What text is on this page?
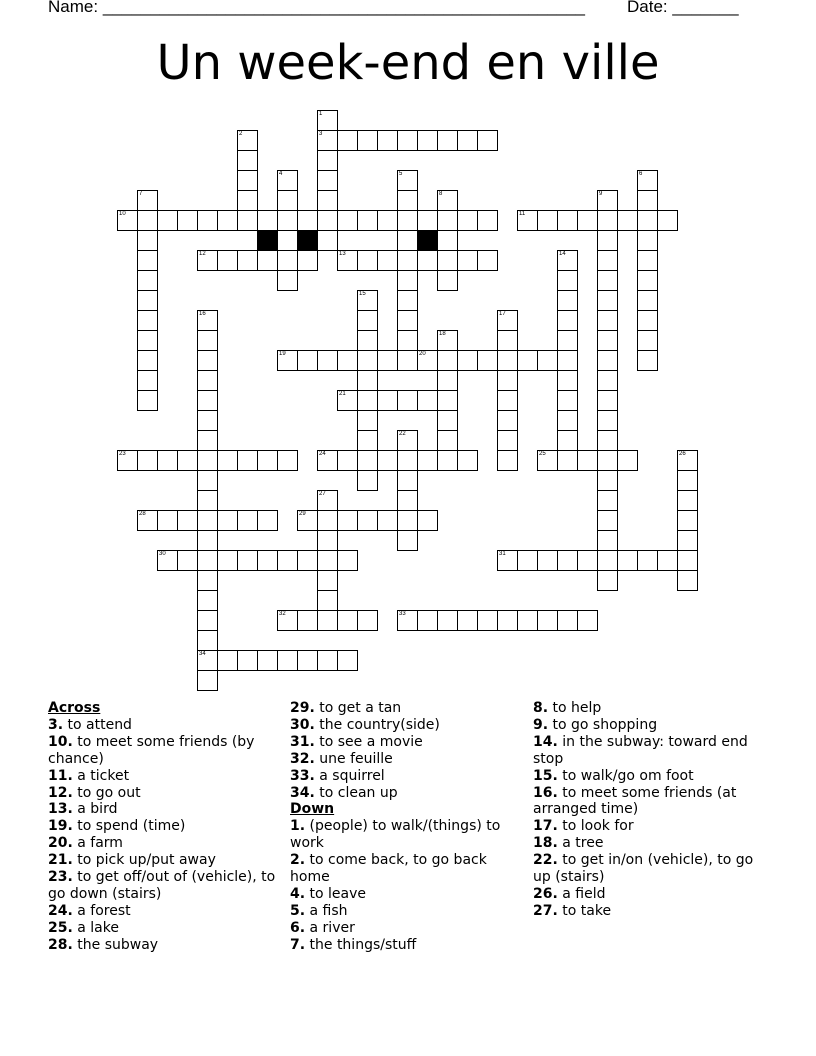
Name: ___________________________________________________ Date: _______
Un week-end en ville
3
10	11
12	13
19	20
21
23	24	25
28	29
30	31
32	33
34
1
2
4	5	6
7	8	9
14
15
16	17
18
22
26
27
Across
3. to attend
10. to meet some friends (by chance)
11. a ticket
12. to go out
13. a bird
19. to spend (time)
20. a farm
21. to pick up/put away
23. to get off/out of (vehicle), to go down (stairs)
24. a forest
25. a lake
28. the subway
29. to get a tan
30. the country(side)
31. to see a movie
32. une feuille
33. a squirrel
34. to clean up
Down
1. (people) to walk/(things) to work
2. to come back, to go back home
4. to leave
5. a fish
6. a river
7. the things/stuff
8. to help
9. to go shopping
14. in the subway: toward end stop
15. to walk/go om foot
16. to meet some friends (at arranged time)
17. to look for
18. a tree
22. to get in/on (vehicle), to go up (stairs)
26. a field
27. to take
